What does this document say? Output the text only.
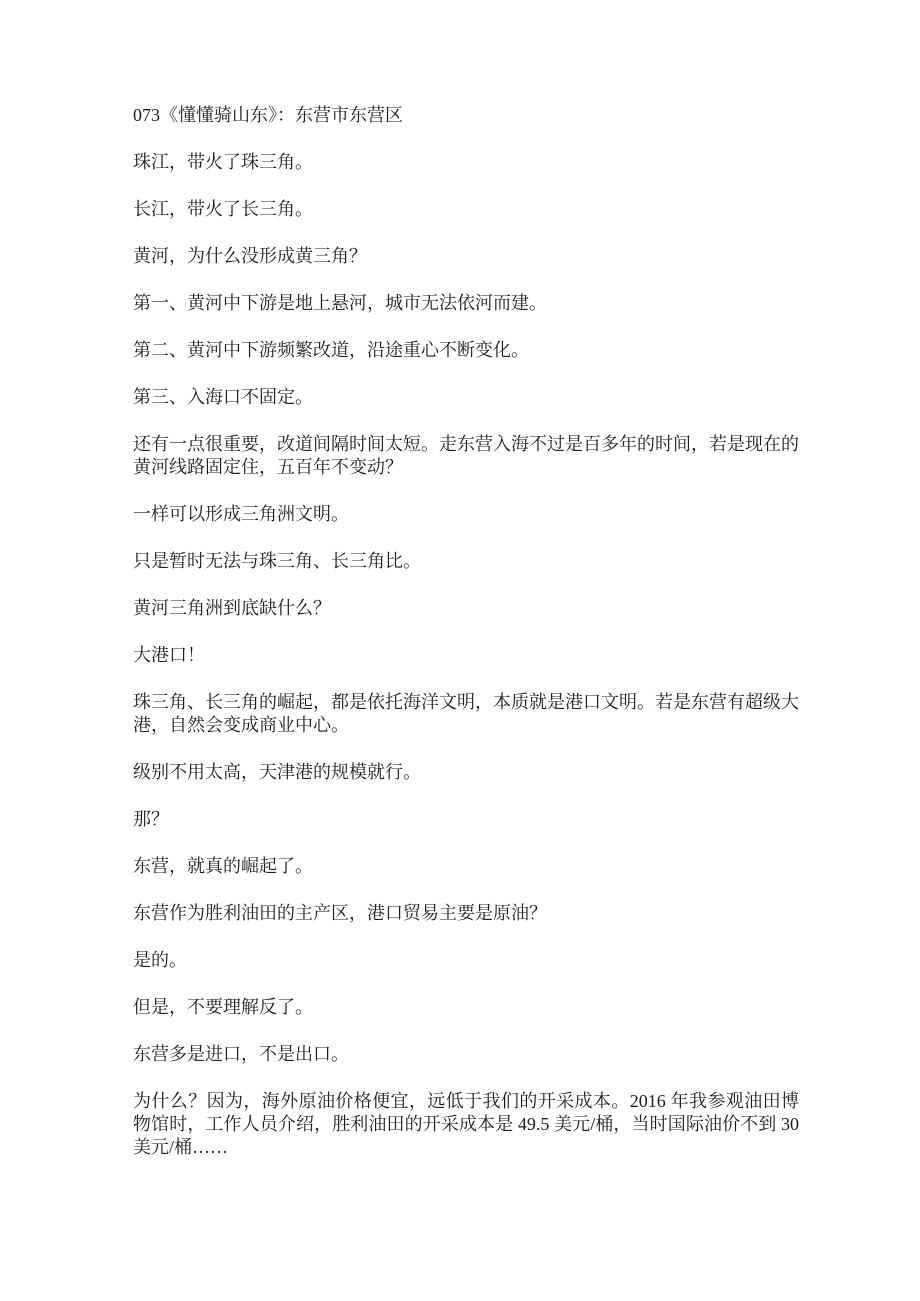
073《懂懂骑山东》：东营市东营区

珠江，带火了珠三角。

长江，带火了长三角。

黄河，为什么没形成黄三角？

第一、黄河中下游是地上悬河，城市无法依河而建。

第二、黄河中下游频繁改道，沿途重心不断变化。

第三、入海口不固定。

还有一点很重要，改道间隔时间太短。走东营入海不过是百多年的时间，若是现在的黄河线路固定住，五百年不变动？

一样可以形成三角洲文明。

只是暂时无法与珠三角、长三角比。

黄河三角洲到底缺什么？

大港口！

珠三角、长三角的崛起，都是依托海洋文明，本质就是港口文明。若是东营有超级大港，自然会变成商业中心。

级别不用太高，天津港的规模就行。

那？

东营，就真的崛起了。

东营作为胜利油田的主产区，港口贸易主要是原油？

是的。

但是，不要理解反了。

东营多是进口，不是出口。

为什么？因为，海外原油价格便宜，远低于我们的开采成本。2016 年我参观油田博物馆时，工作人员介绍，胜利油田的开采成本是 49.5 美元/桶，当时国际油价不到 30 美元/桶……
